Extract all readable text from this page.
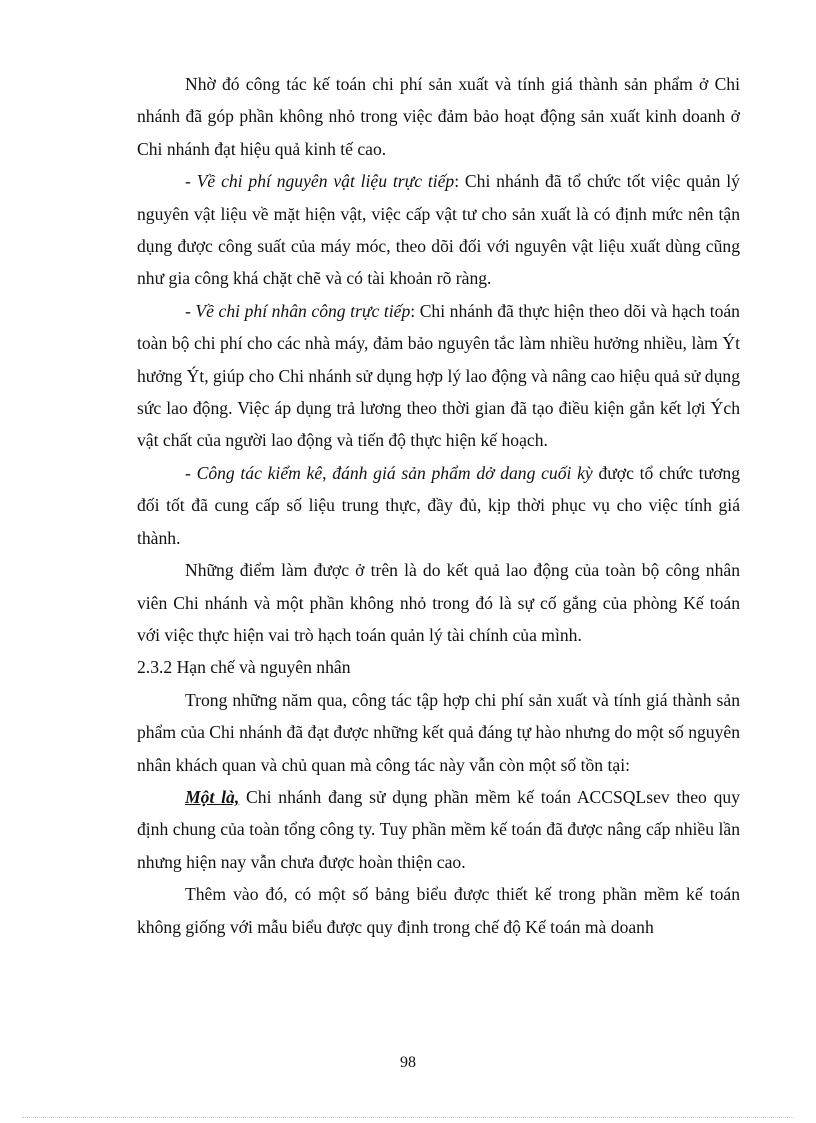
Nhờ đó công tác kế toán chi phí sản xuất và tính giá thành sản phẩm ở Chi nhánh đã góp phần không nhỏ trong việc đảm bảo hoạt động sản xuất kinh doanh ở Chi nhánh đạt hiệu quả kinh tế cao.

- Về chi phí nguyên vật liệu trực tiếp: Chi nhánh đã tổ chức tốt việc quản lý nguyên vật liệu về mặt hiện vật, việc cấp vật tư cho sản xuất là có định mức nên tận dụng được công suất của máy móc, theo dõi đối với nguyên vật liệu xuất dùng cũng như gia công khá chặt chẽ và có tài khoản rõ ràng.

- Về chi phí nhân công trực tiếp: Chi nhánh đã thực hiện theo dõi và hạch toán toàn bộ chi phí cho các nhà máy, đảm bảo nguyên tắc làm nhiều hưởng nhiều, làm Ýt hưởng Ýt, giúp cho Chi nhánh sử dụng hợp lý lao động và nâng cao hiệu quả sử dụng sức lao động. Việc áp dụng trả lương theo thời gian đã tạo điều kiện gắn kết lợi Ých vật chất của người lao động và tiến độ thực hiện kế hoạch.

- Công tác kiểm kê, đánh giá sản phẩm dở dang cuối kỳ được tổ chức tương đối tốt đã cung cấp số liệu trung thực, đầy đủ, kịp thời phục vụ cho việc tính giá thành.

Những điểm làm được ở trên là do kết quả lao động của toàn bộ công nhân viên Chi nhánh và một phần không nhỏ trong đó là sự cố gắng của phòng Kế toán với việc thực hiện vai trò hạch toán quản lý tài chính của mình.

2.3.2 Hạn chế và nguyên nhân

Trong những năm qua, công tác tập hợp chi phí sản xuất và tính giá thành sản phẩm của Chi nhánh đã đạt được những kết quả đáng tự hào nhưng do một số nguyên nhân khách quan và chủ quan mà công tác này vẫn còn một số tồn tại:

Một là, Chi nhánh đang sử dụng phần mềm kế toán ACCSQLsev theo quy định chung của toàn tổng công ty. Tuy phần mềm kế toán đã được nâng cấp nhiều lần nhưng hiện nay vẫn chưa được hoàn thiện cao.

Thêm vào đó, có một số bảng biểu được thiết kế trong phần mềm kế toán không giống với mẫu biểu được quy định trong chế độ Kế toán mà doanh

98
